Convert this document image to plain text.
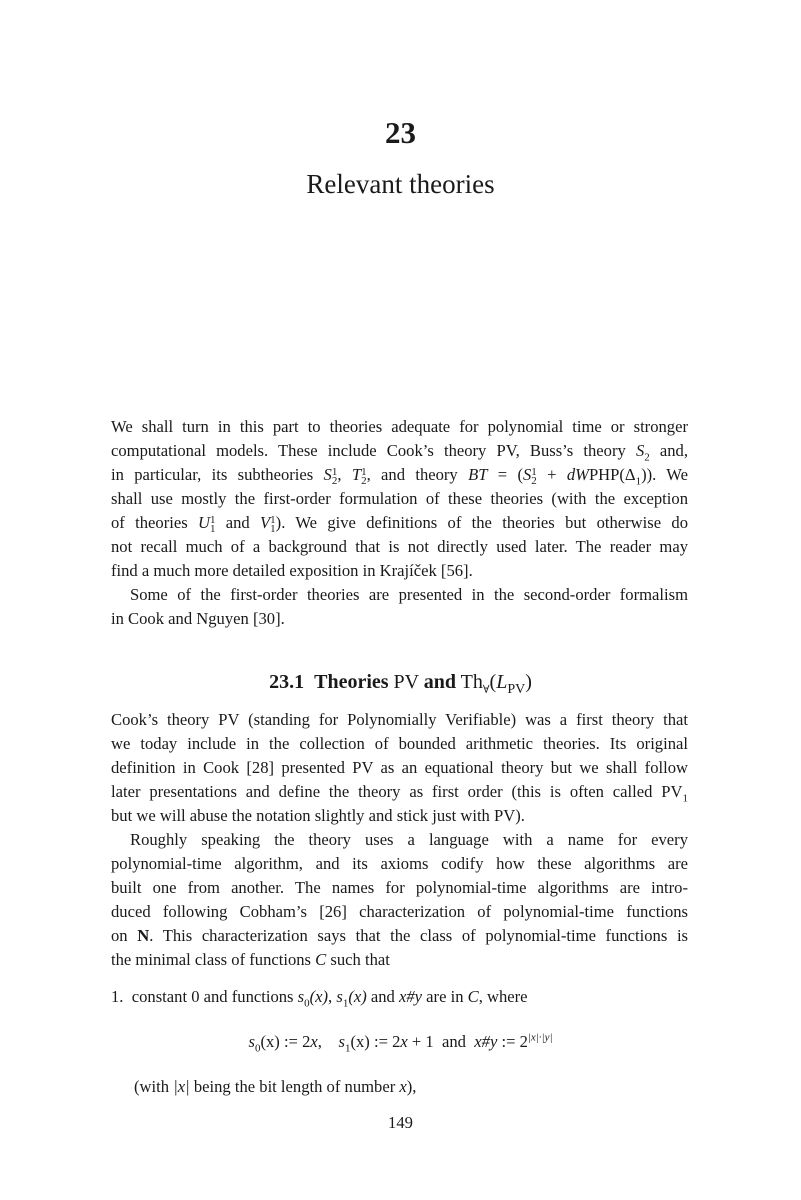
23
Relevant theories
We shall turn in this part to theories adequate for polynomial time or stronger
computational models. These include Cook’s theory PV, Buss’s theory $S_2$ and,
in particular, its subtheories S 1
2 , T 1
2 , and theory BT = (S 1
$2 + dWPHP(\Delta_1)$). We
shall use mostly the first-order formulation of these theories (with the exception
of theories U 1
1 and V 1
1 ). We give definitions of the theories but otherwise do
not recall much of a background that is not directly used later. The reader may
find a much more detailed exposition in Krajíček [56].
Some of the first-order theories are presented in the second-order formalism
in Cook and Nguyen [30].
23.1 Theories PV and $Th_\forall(L_{PV})$
Cook’s theory PV (standing for Polynomially Verifiable) was a first theory that
we today include in the collection of bounded arithmetic theories. Its original
definition in Cook [28] presented PV as an equational theory but we shall follow
later presentations and define the theory as first order (this is often called $PV_1$
but we will abuse the notation slightly and stick just with PV).
Roughly speaking the theory uses a language with a name for every
polynomial-time algorithm, and its axioms codify how these algorithms are
built one from another. The names for polynomial-time algorithms are intro-
duced following Cobham’s [26] characterization of polynomial-time functions
on N. This characterization says that the class of polynomial-time functions is
the minimal class of functions C such that
1. constant 0 and functions $s_0(x)$, $s_1(x)$ and x#y are in C, where
$s_0(x)$ := 2x, $s_1(x)$ := 2x + 1 and x#y := $2^{|x|\cdot|y|}$
(with |x| being the bit length of number x),
149
